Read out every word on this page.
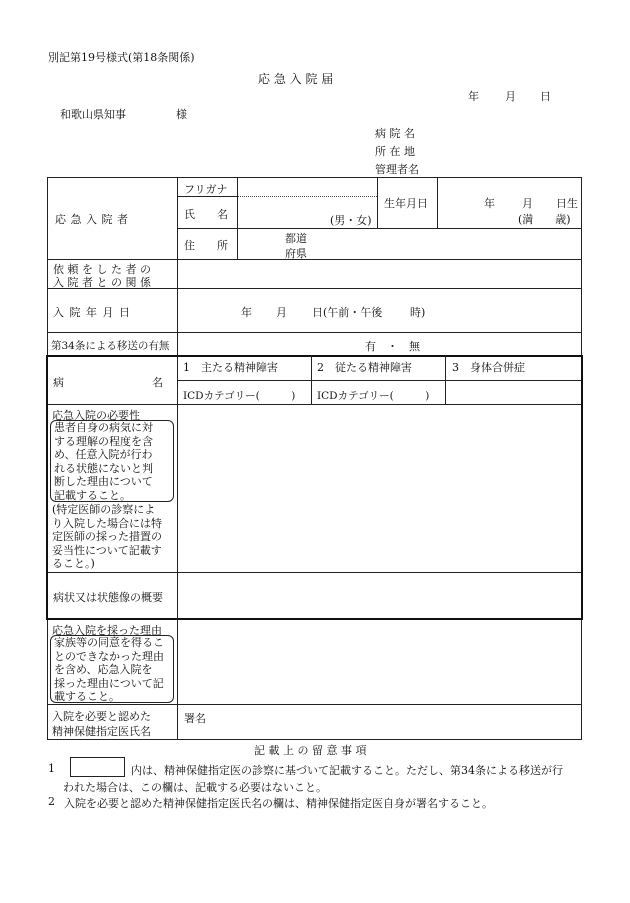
別記第19号様式(第18条関係)
応 急 入 院 届
年 月 日
和歌山県知事	様
病 院 名
所 在 地
管理者名
応 急 入 院 者
フリガナ
氏　　名	(男・女)
生年月日	年 月 日生
(満　　歳)
住　　所
都道
府県
依 頼 を し た 者 の
入 院 者 と の 関 係
入 院 年 月 日	年 月 日(午前・午後	時)
第34条による移送の有無	有　・　無
病　　　　　　　　名
1　主たる精神障害	2　従たる精神障害	3　身体合併症
ICDカテゴリー(　　　) ICDカテゴリー(　　　)
応急入院の必要性
患者自身の病気に対
する理解の程度を含
め、任意入院が行わ
れる状態にないと判
断した理由について
記載すること。
(特定医師の診察によ
り入院した場合には特
定医師の採った措置の
妥当性について記載す
ること。)
病状又は状態像の概要
応急入院を採った理由
家族等の同意を得るこ
とのできなかった理由
を含め、応急入院を
採った理由について記
載すること。
入院を必要と認めた
精神保健指定医氏名
署名
記 載 上 の 留 意 事 項
1	内は、精神保健指定医の診察に基づいて記載すること。ただし、第34条による移送が行
われた場合は、この欄は、記載する必要はないこと。
2 入院を必要と認めた精神保健指定医氏名の欄は、精神保健指定医自身が署名すること。
